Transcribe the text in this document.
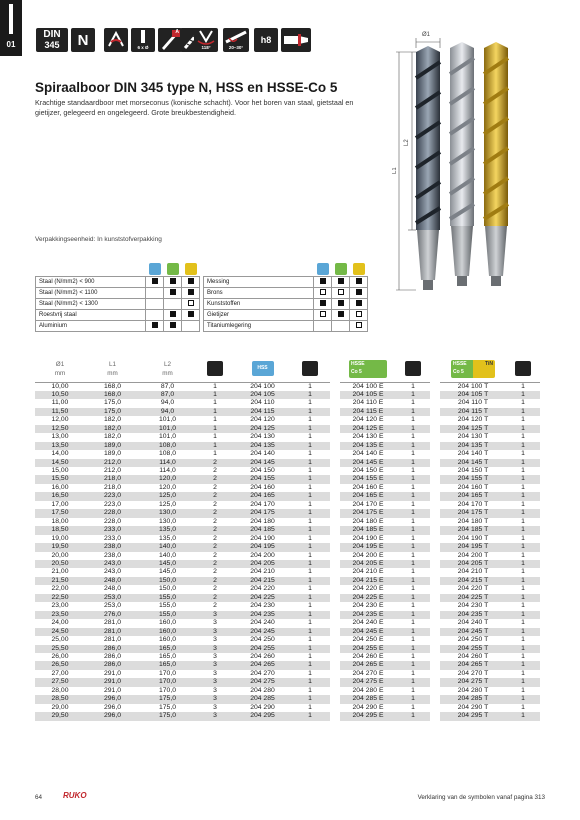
01
DIN
345 N	6 x Ø
A
118°	20–30°
h8
Spiraalboor DIN 345 type N, HSS en HSSE-Co 5

Krachtige standaardboor met morseconus (konische schacht). Voor het boren van staal, gietstaal en gietijzer, gelegeerd en ongelegeerd. Grote breukbestendigheid.

Ø1
L2
L1
Verpakkingseenheid: In kunststofverpakking

Staal (N/mm2) < 900			
Staal (N/mm2) < 1100			
Staal (N/mm2) < 1300			
Roestvrij staal			
Aluminium			

Messing			
Brons			
Kunststoffen			
Gietijzer			
Titaniumlegering			
Ø1
mm	L1
mm	L2
mm		HSS	
10,00	168,0	87,0	1	204 100	1
10,50	168,0	87,0	1	204 105	1
11,00	175,0	94,0	1	204 110	1
11,50	175,0	94,0	1	204 115	1
12,00	182,0	101,0	1	204 120	1
12,50	182,0	101,0	1	204 125	1
13,00	182,0	101,0	1	204 130	1
13,50	189,0	108,0	1	204 135	1
14,00	189,0	108,0	1	204 140	1
14,50	212,0	114,0	2	204 145	1
15,00	212,0	114,0	2	204 150	1
15,50	218,0	120,0	2	204 155	1
16,00	218,0	120,0	2	204 160	1
16,50	223,0	125,0	2	204 165	1
17,00	223,0	125,0	2	204 170	1
17,50	228,0	130,0	2	204 175	1
18,00	228,0	130,0	2	204 180	1
18,50	233,0	135,0	2	204 185	1
19,00	233,0	135,0	2	204 190	1
19,50	238,0	140,0	2	204 195	1
20,00	238,0	140,0	2	204 200	1
20,50	243,0	145,0	2	204 205	1
21,00	243,0	145,0	2	204 210	1
21,50	248,0	150,0	2	204 215	1
22,00	248,0	150,0	2	204 220	1
22,50	253,0	155,0	2	204 225	1
23,00	253,0	155,0	2	204 230	1
23,50	276,0	155,0	3	204 235	1
24,00	281,0	160,0	3	204 240	1
24,50	281,0	160,0	3	204 245	1
25,00	281,0	160,0	3	204 250	1
25,50	286,0	165,0	3	204 255	1
26,00	286,0	165,0	3	204 260	1
26,50	286,0	165,0	3	204 265	1
27,00	291,0	170,0	3	204 270	1
27,50	291,0	170,0	3	204 275	1
28,00	291,0	170,0	3	204 280	1
28,50	296,0	175,0	3	204 285	1
29,00	296,0	175,0	3	204 290	1
29,50	296,0	175,0	3	204 295	1
HSSE
Co 5	
204 100 E	1
204 105 E	1
204 110 E	1
204 115 E	1
204 120 E	1
204 125 E	1
204 130 E	1
204 135 E	1
204 140 E	1
204 145 E	1
204 150 E	1
204 155 E	1
204 160 E	1
204 165 E	1
204 170 E	1
204 175 E	1
204 180 E	1
204 185 E	1
204 190 E	1
204 195 E	1
204 200 E	1
204 205 E	1
204 210 E	1
204 215 E	1
204 220 E	1
204 225 E	1
204 230 E	1
204 235 E	1
204 240 E	1
204 245 E	1
204 250 E	1
204 255 E	1
204 260 E	1
204 265 E	1
204 270 E	1
204 275 E	1
204 280 E	1
204 285 E	1
204 290 E	1
204 295 E	1
HSSE TiN

Co 5	
204 100 T	1
204 105 T	1
204 110 T	1
204 115 T	1
204 120 T	1
204 125 T	1
204 130 T	1
204 135 T	1
204 140 T	1
204 145 T	1
204 150 T	1
204 155 T	1
204 160 T	1
204 165 T	1
204 170 T	1
204 175 T	1
204 180 T	1
204 185 T	1
204 190 T	1
204 195 T	1
204 200 T	1
204 205 T	1
204 210 T	1
204 215 T	1
204 220 T	1
204 225 T	1
204 230 T	1
204 235 T	1
204 240 T	1
204 245 T	1
204 250 T	1
204 255 T	1
204 260 T	1
204 265 T	1
204 270 T	1
204 275 T	1
204 280 T	1
204 285 T	1
204 290 T	1
204 295 T	1
64	RUKO	Verklaring van de symbolen vanaf pagina 313
